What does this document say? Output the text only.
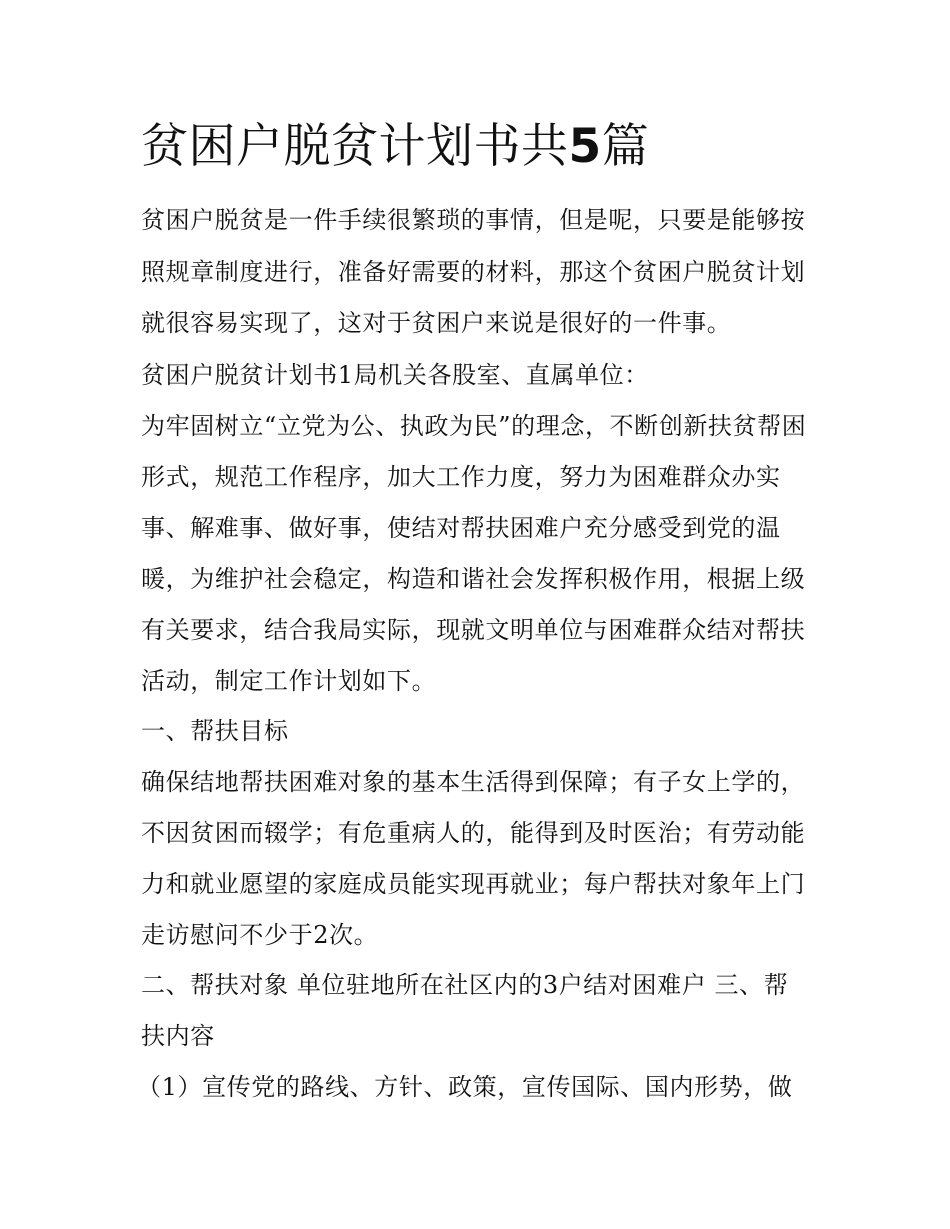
贫困户脱贫计划书共5篇

贫困户脱贫是一件手续很繁琐的事情，但是呢，只要是能够按

照规章制度进行，准备好需要的材料，那这个贫困户脱贫计划

就很容易实现了，这对于贫困户来说是很好的一件事。

贫困户脱贫计划书1局机关各股室、直属单位：

为牢固树立“立党为公、执政为民”的理念，不断创新扶贫帮困

形式，规范工作程序，加大工作力度，努力为困难群众办实

事、解难事、做好事，使结对帮扶困难户充分感受到党的温

暖，为维护社会稳定，构造和谐社会发挥积极作用，根据上级

有关要求，结合我局实际，现就文明单位与困难群众结对帮扶

活动，制定工作计划如下。

一、帮扶目标

确保结地帮扶困难对象的基本生活得到保障；有子女上学的，

不因贫困而辍学；有危重病人的，能得到及时医治；有劳动能

力和就业愿望的家庭成员能实现再就业；每户帮扶对象年上门

走访慰问不少于2次。

二、帮扶对象 单位驻地所在社区内的3户结对困难户 三、帮

扶内容

（1）宣传党的路线、方针、政策，宣传国际、国内形势，做
